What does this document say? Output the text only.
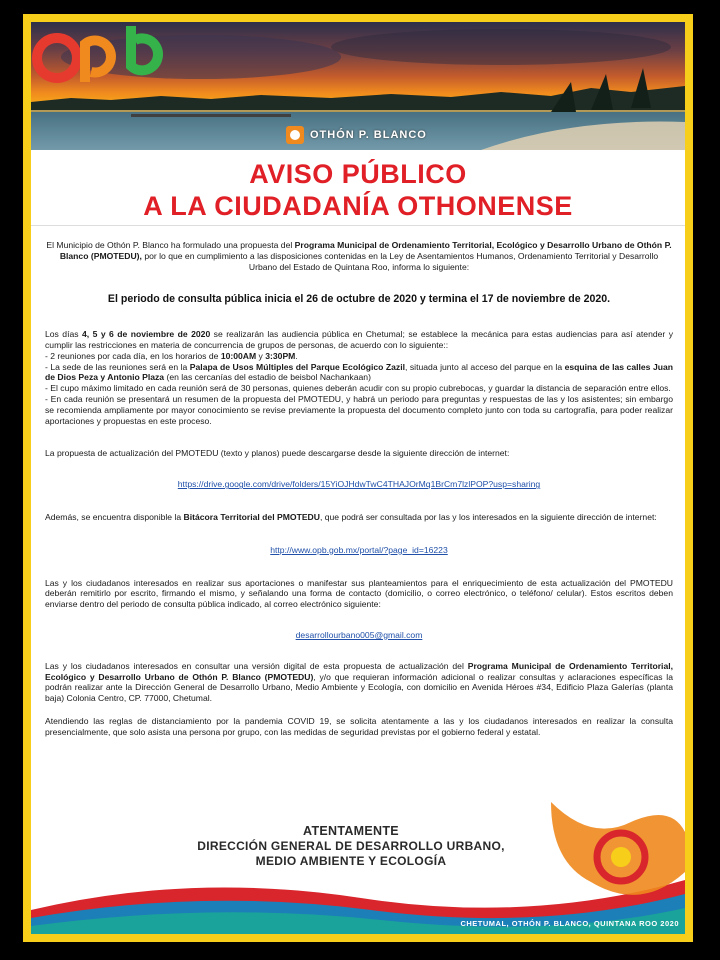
OTHÓN P. BLANCO
AVISO PÚBLICO
A LA CIUDADANÍA OTHONENSE

El Municipio de Othón P. Blanco ha formulado una propuesta del Programa Municipal de Ordenamiento Territorial, Ecológico y Desarrollo Urbano de Othón P. Blanco (PMOTEDU), por lo que en cumplimiento a las disposiciones contenidas en la Ley de Asentamientos Humanos, Ordenamiento Territorial y Desarrollo Urbano del Estado de Quintana Roo, informa lo siguiente:

El periodo de consulta pública inicia el 26 de octubre de 2020 y termina el 17 de noviembre de 2020.

Los días 4, 5 y 6 de noviembre de 2020 se realizarán las audiencia pública en Chetumal; se establece la mecánica para estas audiencias para así atender y cumplir las restricciones en materia de concurrencia de grupos de personas, de acuerdo con lo siguiente::
- 2 reuniones por cada día, en los horarios de 10:00AM y 3:30PM.
- La sede de las reuniones será en la Palapa de Usos Múltiples del Parque Ecológico Zazil, situada junto al acceso del parque en la esquina de las calles Juan de Dios Peza y Antonio Plaza (en las cercanías del estadio de beisbol Nachankaan)
- El cupo máximo limitado en cada reunión será de 30 personas, quienes deberán acudir con su propio cubrebocas, y guardar la distancia de separación entre ellos.
- En cada reunión se presentará un resumen de la propuesta del PMOTEDU, y habrá un periodo para preguntas y respuestas de las y los asistentes; sin embargo se recomienda ampliamente por mayor conocimiento se revise previamente la propuesta del documento completo junto con toda su cartografía, para poder realizar aportaciones y propuestas en este proceso.

La propuesta de actualización del PMOTEDU (texto y planos) puede descargarse desde la siguiente dirección de internet:

https://drive.google.com/drive/folders/15YiOJHdwTwC4THAJOrMq1BrCm7lzlPOP?usp=sharing

Además, se encuentra disponible la Bitácora Territorial del PMOTEDU, que podrá ser consultada por las y los interesados en la siguiente dirección de internet:

http://www.opb.gob.mx/portal/?page_id=16223

Las y los ciudadanos interesados en realizar sus aportaciones o manifestar sus planteamientos para el enriquecimiento de esta actualización del PMOTEDU deberán remitirlo por escrito, firmando el mismo, y señalando una forma de contacto (domicilio, o correo electrónico, o teléfono/ celular). Estos escritos deben enviarse dentro del periodo de consulta pública indicado, al correo electrónico siguiente:

desarrollourbano005@gmail.com

Las y los ciudadanos interesados en consultar una versión digital de esta propuesta de actualización del Programa Municipal de Ordenamiento Territorial, Ecológico y Desarrollo Urbano de Othón P. Blanco (PMOTEDU), y/o que requieran información adicional o realizar consultas y aclaraciones específicas la podrán realizar ante la Dirección General de Desarrollo Urbano, Medio Ambiente y Ecología, con domicilio en Avenida Héroes #34, Edificio Plaza Galerías (planta baja) Colonia Centro, CP. 77000, Chetumal.

Atendiendo las reglas de distanciamiento por la pandemia COVID 19, se solicita atentamente a las y los ciudadanos interesados en realizar la consulta presencialmente, que solo asista una persona por grupo, con las medidas de seguridad previstas por el gobierno federal y estatal.

ATENTAMENTE
DIRECCIÓN GENERAL DE DESARROLLO URBANO,
MEDIO AMBIENTE Y ECOLOGÍA
CHETUMAL, OTHÓN P. BLANCO, QUINTANA ROO 2020
